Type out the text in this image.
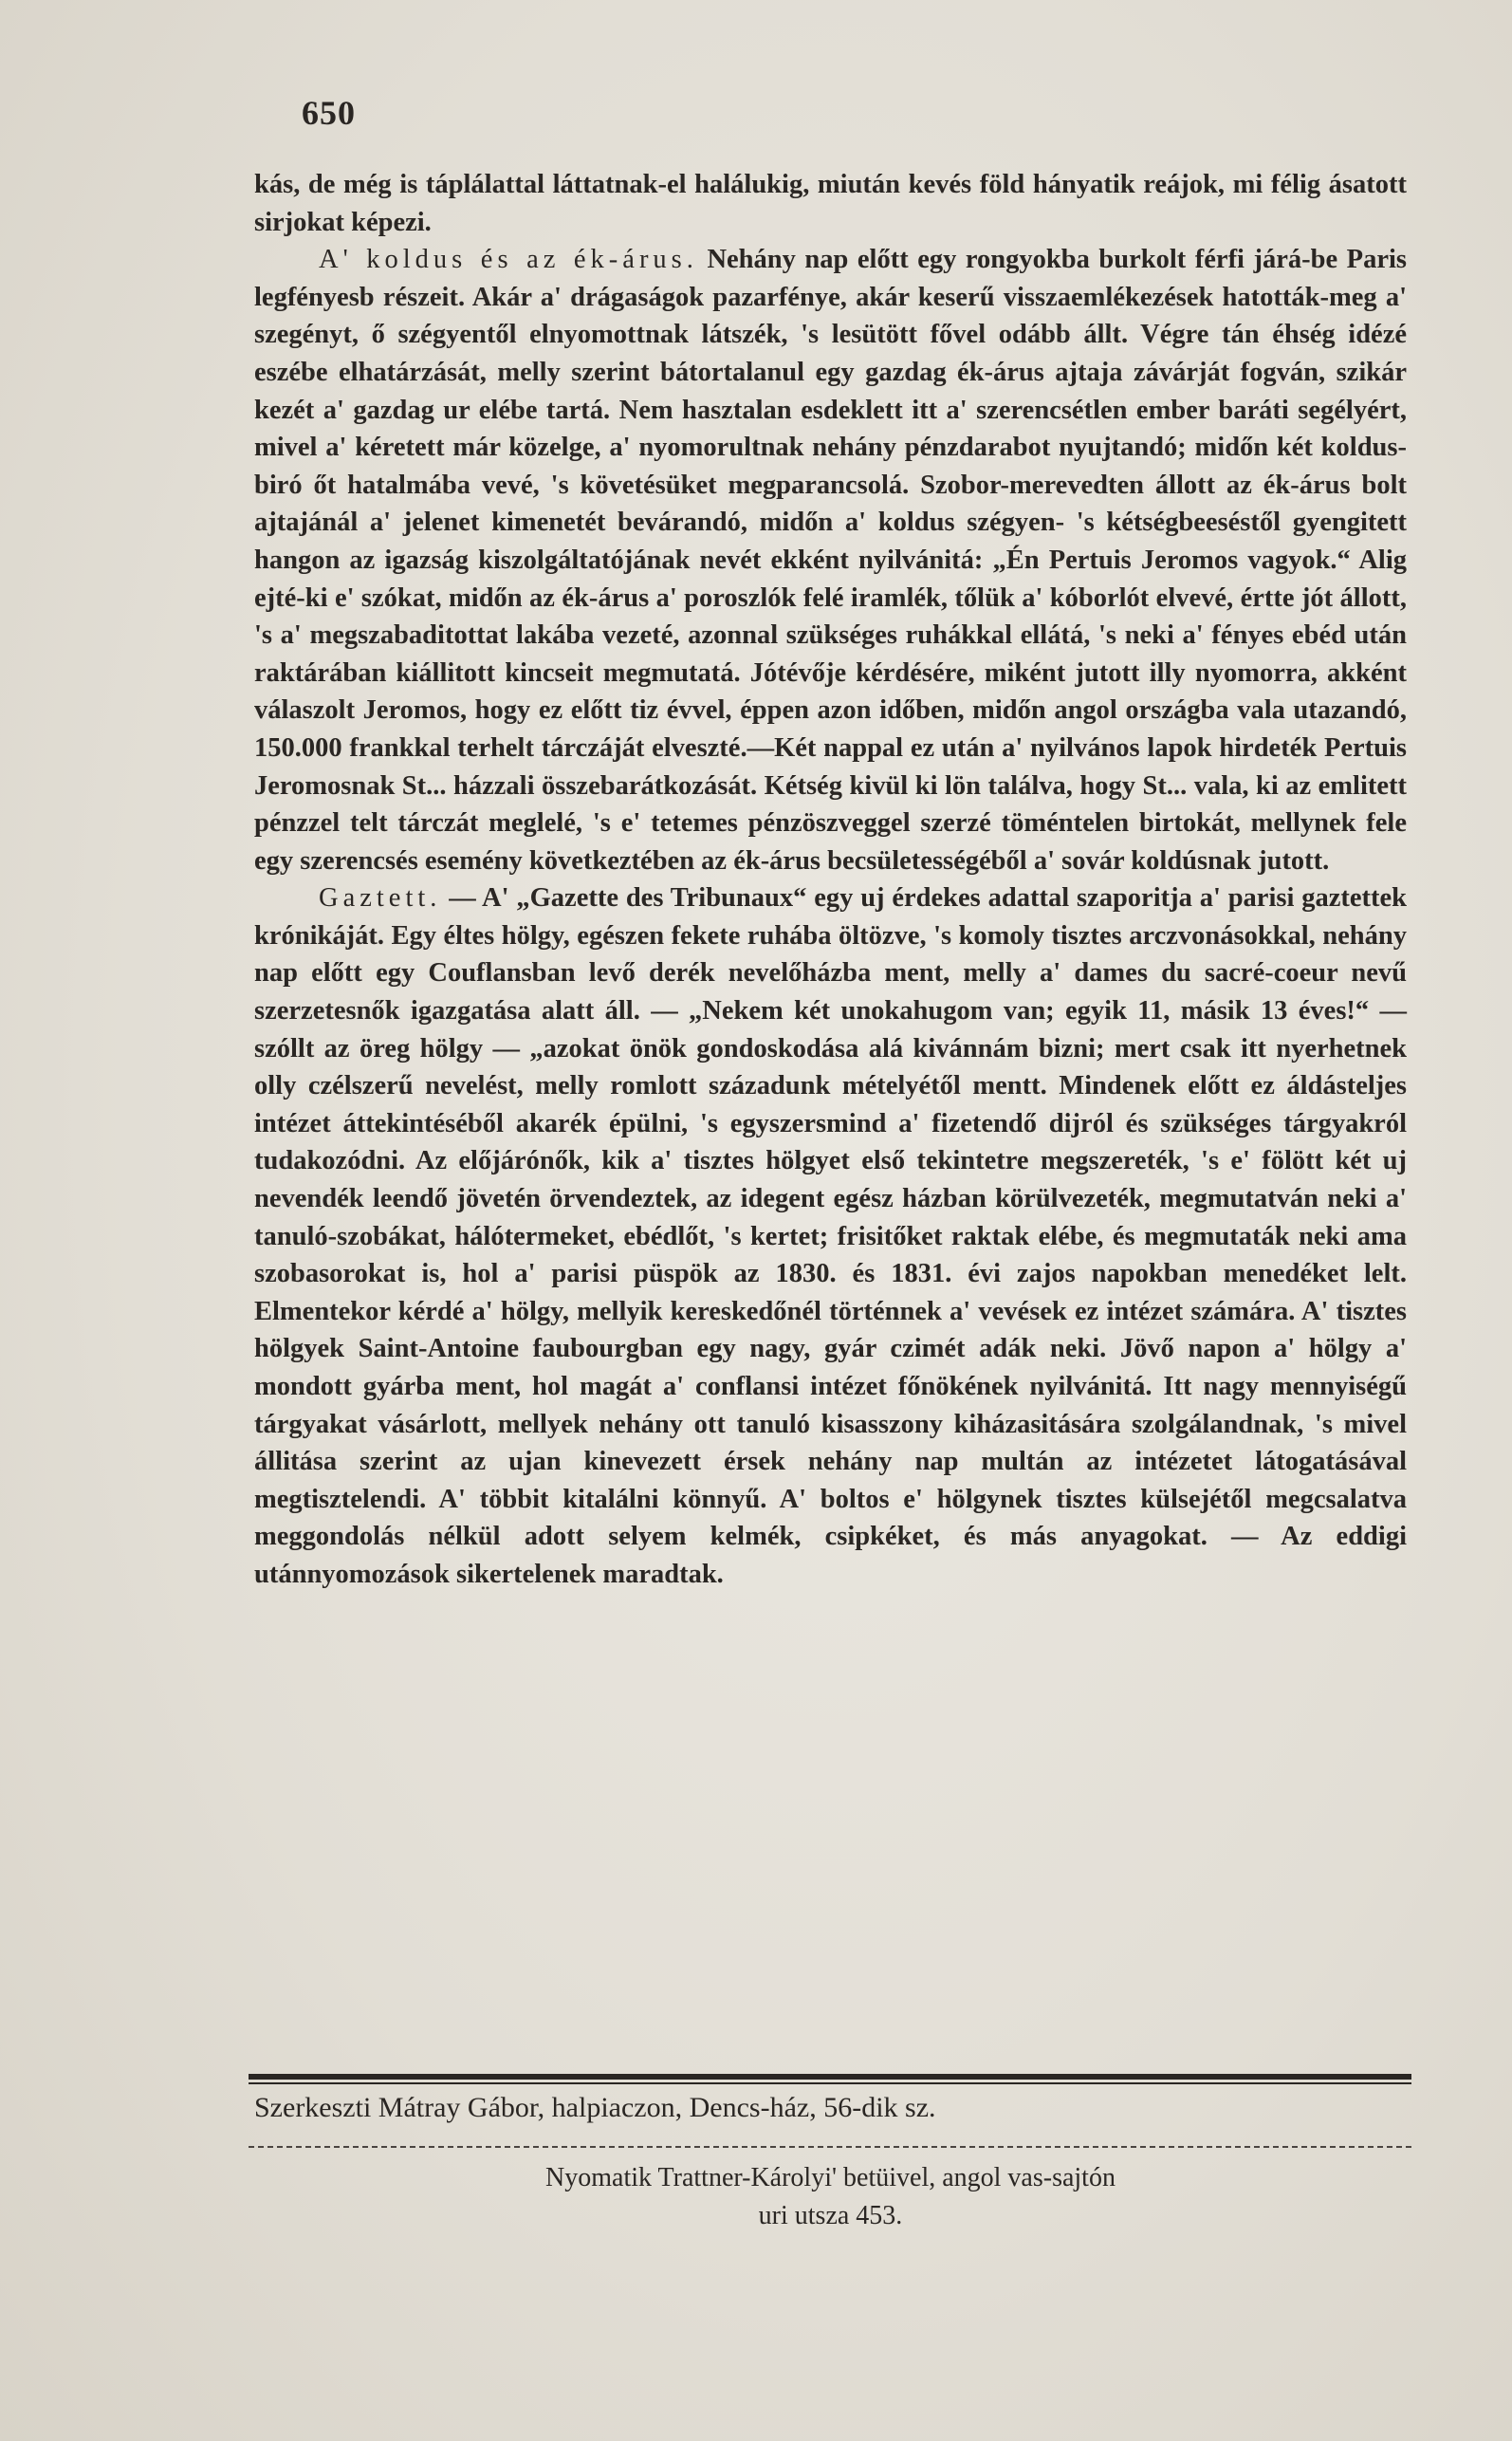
650

kás, de még is táplálattal láttatnak-el halálukig, miután kevés föld hányatik reájok, mi félig ásatott sirjokat képezi.

A' koldus és az ék-árus. Nehány nap előtt egy rongyokba burkolt férfi járá-be Paris legfényesb részeit. Akár a' drágaságok pazarfénye, akár keserű visszaemlékezések hatották-meg a' szegényt, ő szégyentől elnyomottnak látszék, 's lesütött fővel odább állt. Végre tán éhség idézé eszébe elhatárzását, melly szerint bátortalanul egy gazdag ék-árus ajtaja závárját fogván, szikár kezét a' gazdag ur elébe tartá. Nem hasztalan esdeklett itt a' szerencsétlen ember baráti segélyért, mivel a' kéretett már közelge, a' nyomorultnak nehány pénzdarabot nyujtandó; midőn két koldus-biró őt hatalmába vevé, 's követésüket megparancsolá. Szobor-merevedten állott az ék-árus bolt ajtajánál a' jelenet kimenetét bevárandó, midőn a' koldus szégyen- 's kétségbeeséstől gyengitett hangon az igazság kiszolgáltatójának nevét ekként nyilvánitá: „Én Pertuis Jeromos vagyok.“ Alig ejté-ki e' szókat, midőn az ék-árus a' poroszlók felé iramlék, tőlük a' kóborlót elvevé, értte jót állott, 's a' megszabaditottat lakába vezeté, azonnal szükséges ruhákkal ellátá, 's neki a' fényes ebéd után raktárában kiállitott kincseit megmutatá. Jótévője kérdésére, miként jutott illy nyomorra, akként válaszolt Jeromos, hogy ez előtt tiz évvel, éppen azon időben, midőn angol országba vala utazandó, 150.000 frankkal terhelt tárczáját elveszté.—Két nappal ez után a' nyilvános lapok hirdeték Pertuis Jeromosnak St... házzali összebarátkozását. Kétség kivül ki lön találva, hogy St... vala, ki az emlitett pénzzel telt tárczát meglelé, 's e' tetemes pénzöszveggel szerzé töméntelen birtokát, mellynek fele egy szerencsés esemény következtében az ék-árus becsületességéből a' sovár koldúsnak jutott.

Gaztett. — A' „Gazette des Tribunaux“ egy uj érdekes adattal szaporitja a' parisi gaztettek krónikáját. Egy éltes hölgy, egészen fekete ruhába öltözve, 's komoly tisztes arczvonásokkal, nehány nap előtt egy Couflansban levő derék nevelőházba ment, melly a' dames du sacré-coeur nevű szerzetesnők igazgatása alatt áll. — „Nekem két unokahugom van; egyik 11, másik 13 éves!“ — szóllt az öreg hölgy — „azokat önök gondoskodása alá kivánnám bizni; mert csak itt nyerhetnek olly czélszerű nevelést, melly romlott századunk mételyétől mentt. Mindenek előtt ez áldásteljes intézet áttekintéséből akarék épülni, 's egyszersmind a' fizetendő dijról és szükséges tárgyakról tudakozódni. Az előjárónők, kik a' tisztes hölgyet első tekintetre megszereték, 's e' fölött két uj nevendék leendő jövetén örvendeztek, az idegent egész házban körülvezeték, megmutatván neki a' tanuló-szobákat, hálótermeket, ebédlőt, 's kertet; frisitőket raktak elébe, és megmutaták neki ama szobasorokat is, hol a' parisi püspök az 1830. és 1831. évi zajos napokban menedéket lelt. Elmentekor kérdé a' hölgy, mellyik kereskedőnél történnek a' vevések ez intézet számára. A' tisztes hölgyek Saint-Antoine faubourgban egy nagy, gyár czimét adák neki. Jövő napon a' hölgy a' mondott gyárba ment, hol magát a' conflansi intézet főnökének nyilvánitá. Itt nagy mennyiségű tárgyakat vásárlott, mellyek nehány ott tanuló kisasszony kiházasitására szolgálandnak, 's mivel állitása szerint az ujan kinevezett érsek nehány nap multán az intézetet látogatásával megtisztelendi. A' többit kitalálni könnyű. A' boltos e' hölgynek tisztes külsejétől megcsalatva meggondolás nélkül adott selyem kelmék, csipkéket, és más anyagokat. — Az eddigi utánnyomozások sikertelenek maradtak.

Szerkeszti Mátray Gábor, halpiaczon, Dencs-ház, 56-dik sz.
Nyomatik Trattner-Károlyi' betüivel, angol vas-sajtón
uri utsza 453.
